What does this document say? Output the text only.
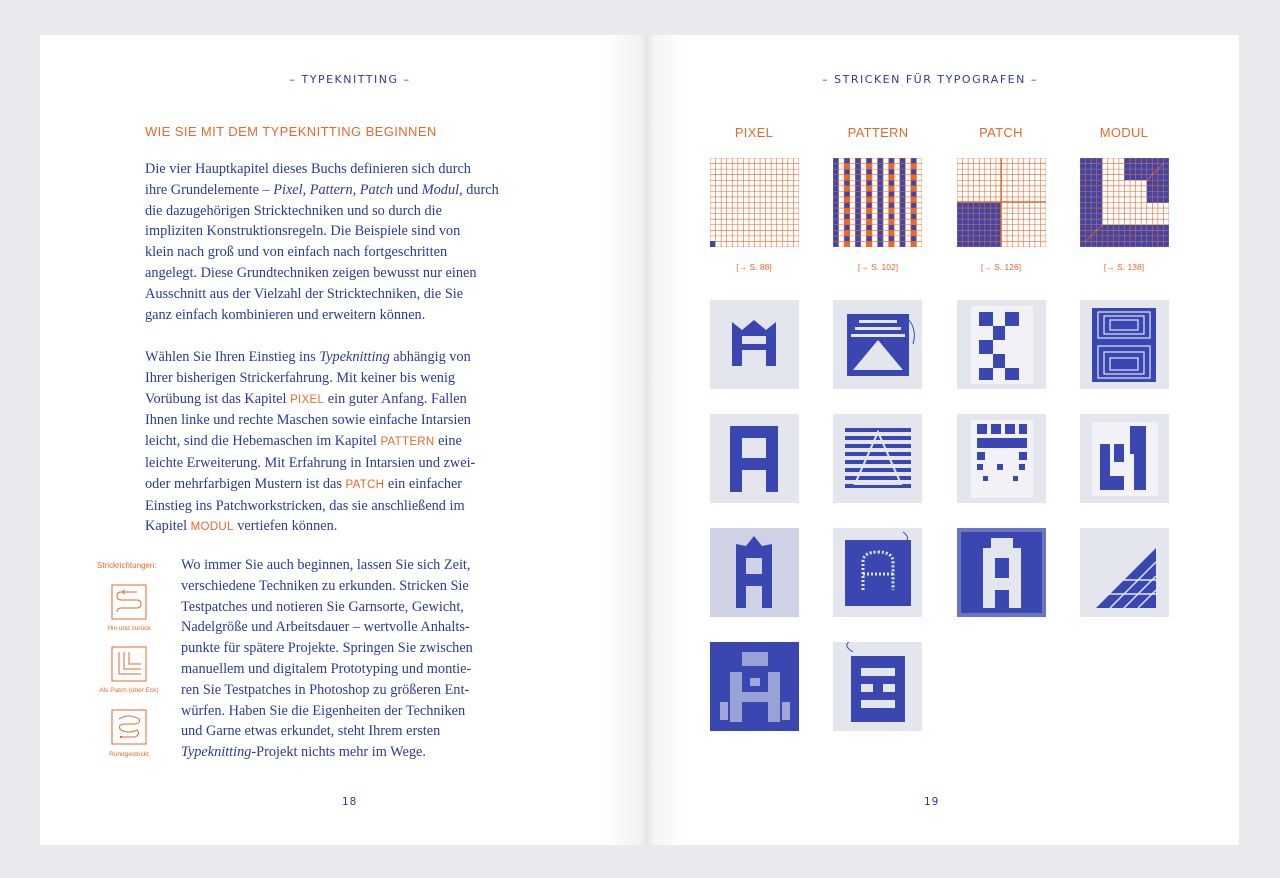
– TYPEKNITTING –
WIE SIE MIT DEM TYPEKNITTING BEGINNEN

Die vier Hauptkapitel dieses Buchs definieren sich durch
ihre Grundelemente – Pixel, Pattern, Patch und Modul, durch
die dazugehörigen Stricktechniken und so durch die
impliziten Konstruktionsregeln. Die Beispiele sind von
klein nach groß und von einfach nach fortgeschritten
angelegt. Diese Grundtechniken zeigen bewusst nur einen
Ausschnitt aus der Vielzahl der Stricktechniken, die Sie
ganz einfach kombinieren und erweitern können.

Wählen Sie Ihren Einstieg ins Typeknitting abhängig von
Ihrer bisherigen Strickerfahrung. Mit keiner bis wenig
Vorübung ist das Kapitel PIXEL ein guter Anfang. Fallen
Ihnen linke und rechte Maschen sowie einfache Intarsien
leicht, sind die Hebemaschen im Kapitel PATTERN eine
leichte Erweiterung. Mit Erfahrung in Intarsien und zwei-
oder mehrfarbigen Mustern ist das PATCH ein einfacher
Einstieg ins Patchworkstricken, das sie anschließend im
Kapitel MODUL vertiefen können.

Wo immer Sie auch beginnen, lassen Sie sich Zeit,
verschiedene Techniken zu erkunden. Stricken Sie
Testpatches und notieren Sie Garnsorte, Gewicht,
Nadelgröße und Arbeitsdauer – wertvolle Anhalts-
punkte für spätere Projekte. Springen Sie zwischen
manuellem und digitalem Prototyping und montie-
ren Sie Testpatches in Photoshop zu größeren Ent-
würfen. Haben Sie die Eigenheiten der Techniken
und Garne etwas erkundet, steht Ihrem ersten
Typeknitting-Projekt nichts mehr im Wege.

Strickrichtungen:
Hin und zurück
Als Patch (über Eck)
Rundgestrickt
18
– STRICKEN FÜR TYPOGRAFEN –
PIXEL	PATTERN	PATCH	MODUL
[→ S. 88]	[→ S. 102]	[→ S. 126]	[→ S. 138]
19
